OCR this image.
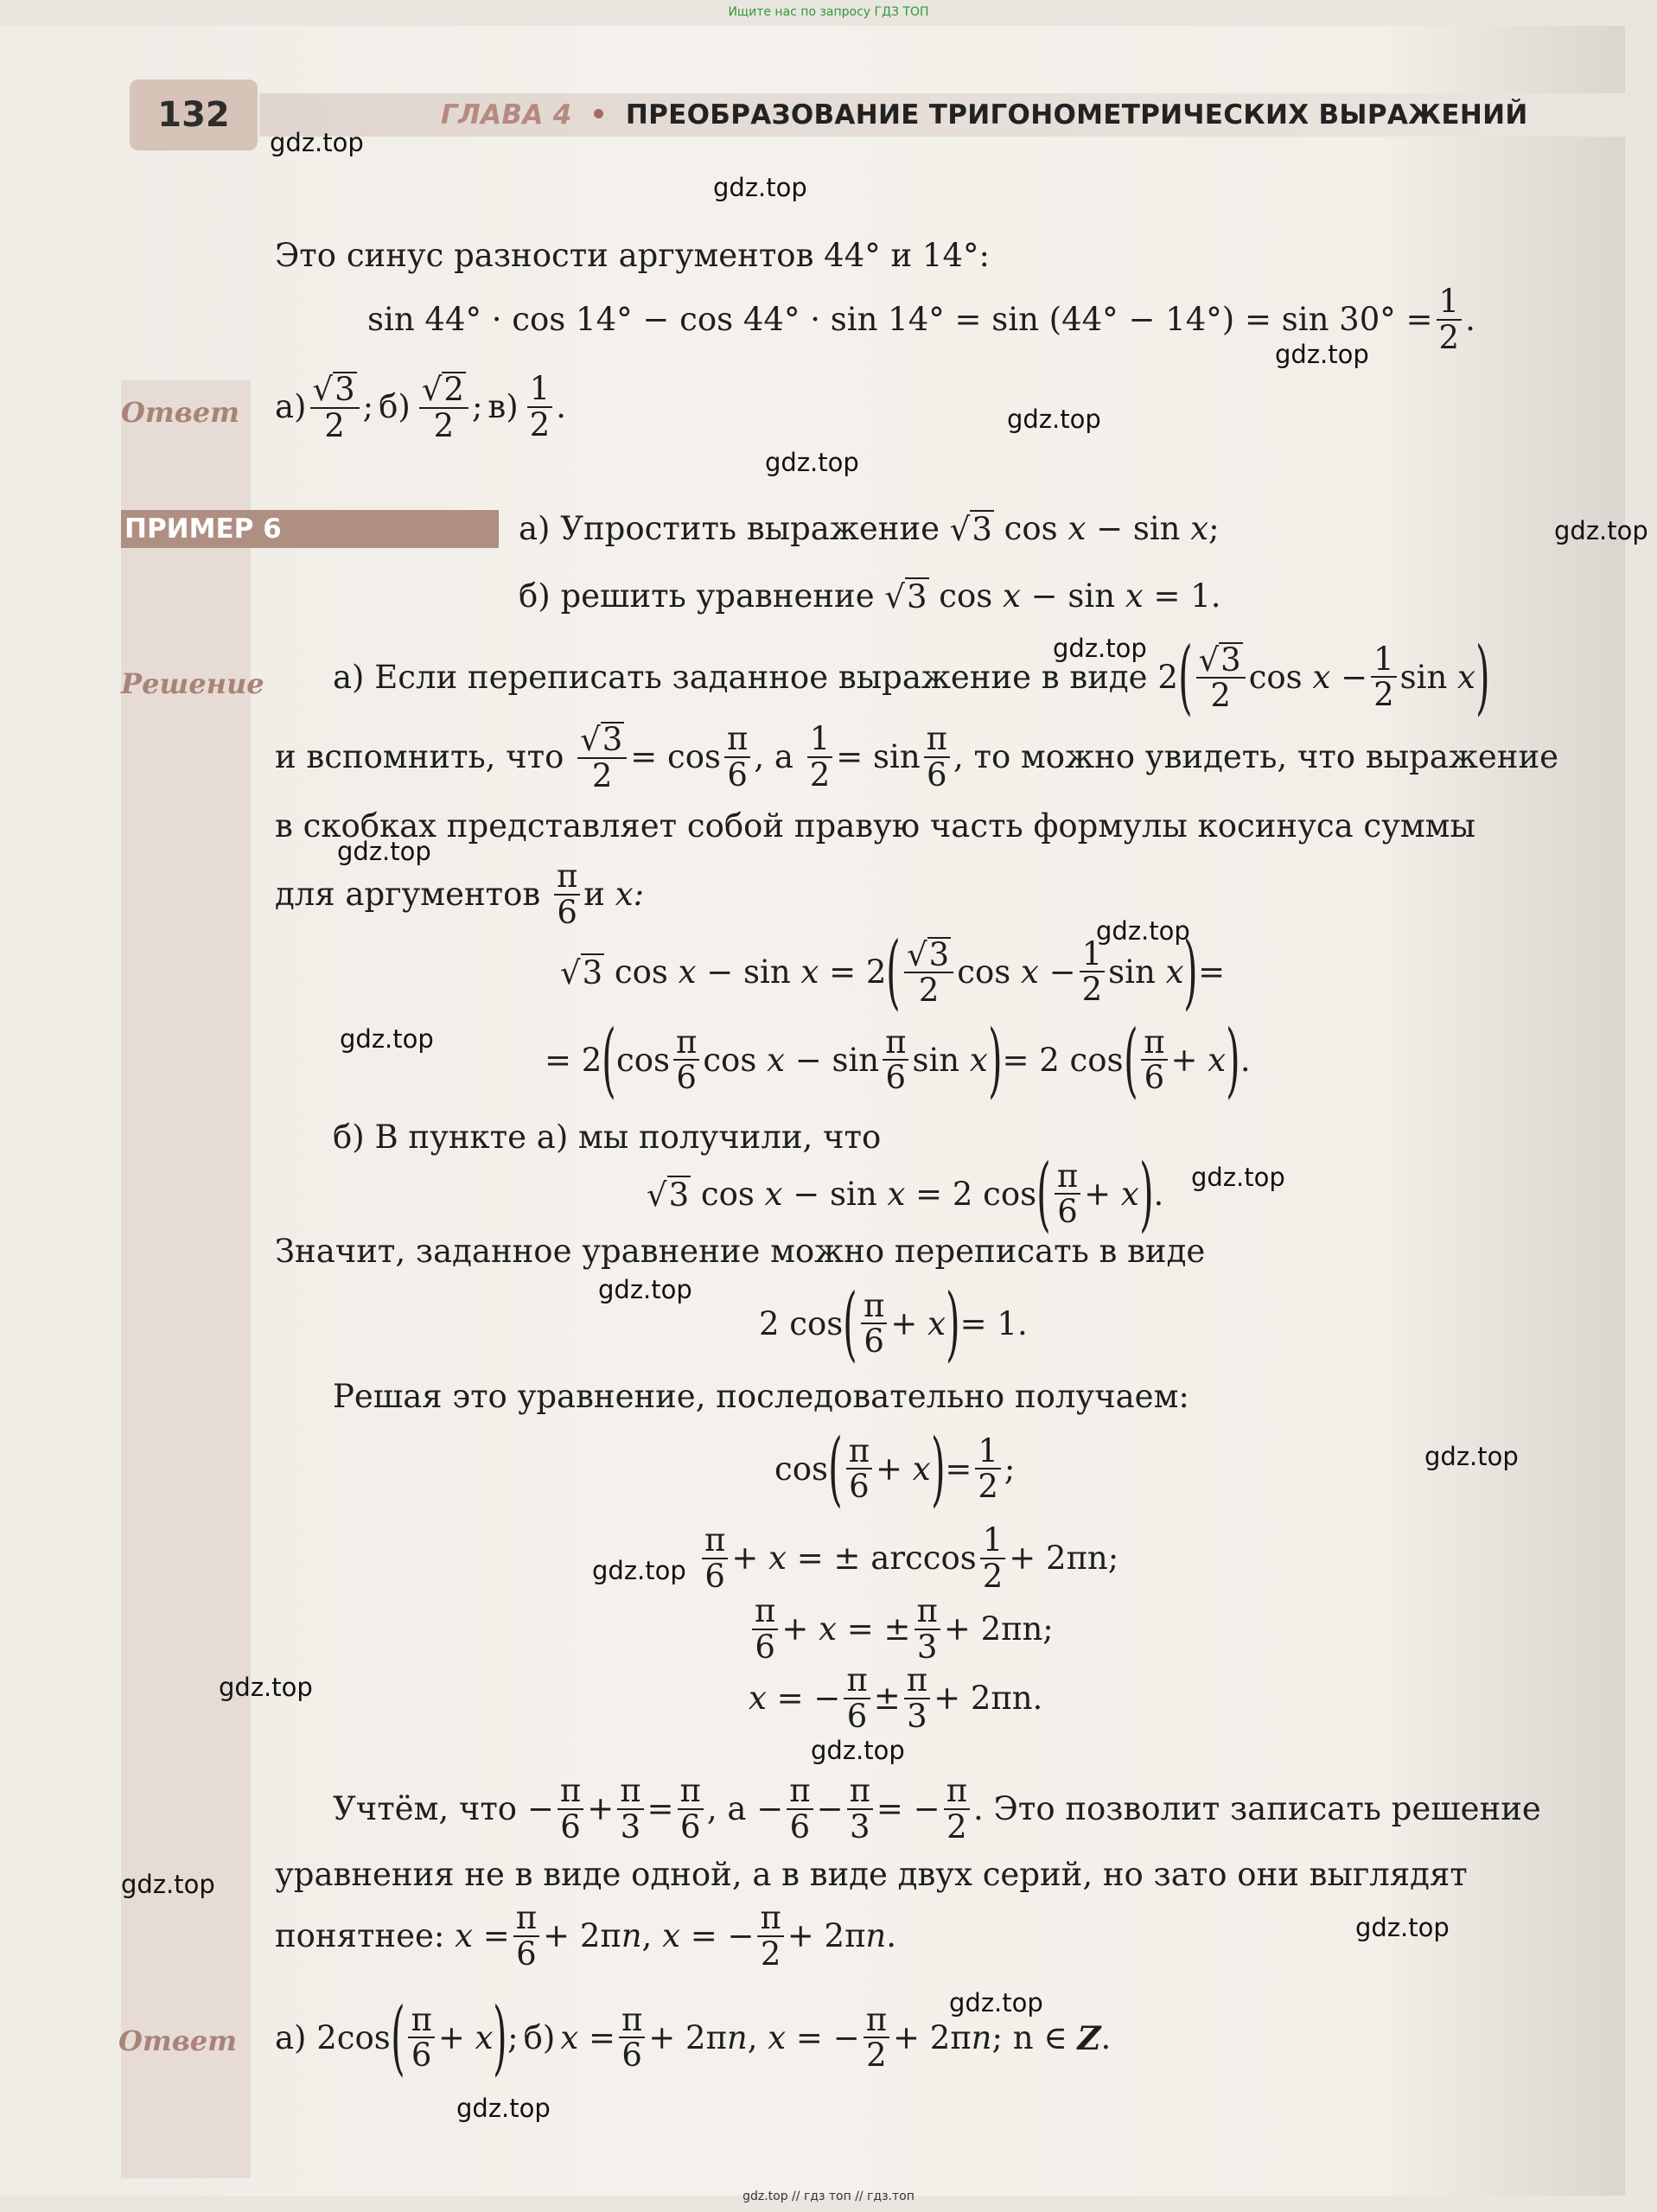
Ищите нас по запросу ГДЗ ТОП
132	ГЛАВА 4 • ПРЕОБРАЗОВАНИЕ ТРИГОНОМЕТРИЧЕСКИХ ВЫРАЖЕНИЙ
Это синус разности аргументов 44° и 14°:
$\sin 44^\circ \cdot \cos 14^\circ - \cos 44^\circ \cdot \sin 14^\circ = \sin (44^\circ - 14^\circ) = \sin 30^\circ = \frac{1}{2}$ .
Ответ $а) \frac{√3}{2}$ ; $б) \frac{√2}{2}$ ; $в) \frac{1}{2}$ .
ПРИМЕР 6	а) Упростить выражение
√3 cos x − sin x;
б) решить уравнение
√3 cos x − sin x = 1.
Решение а) Если переписать заданное выражение в виде 2 ( $\frac{√3}{2}$ $\cos x - \frac{1}{2}$ sin x )
и вспомнить, что
$\frac{√3}{2} = \cos \frac{\pi}{6}$ , а
$\frac{1}{2} = \sin \frac{\pi}{6}$ , то можно увидеть, что выражение
в скобках представляет собой правую часть формулы косинуса суммы
для аргументов
$\frac{\pi}{6}$ и
x:
√3 cos x − sin x = 2 ( $\frac{√3}{2}$ $\cos x - \frac{1}{2}$ sin x ) =
= 2 ( $\cos \frac{\pi}{6}$ $\cos x - \sin \frac{\pi}{6}$ sin x ) = 2 cos ( $\frac{\pi}{6} + x$ ) .
б) В пункте а) мы получили, что
√3 cos x − sin x = 2 cos ( $\frac{\pi}{6} + x$ ) .
Значит, заданное уравнение можно переписать в виде
2 cos ( $\frac{\pi}{6} + x$ ) = 1.
Решая это уравнение, последовательно получаем:
cos ( $\frac{\pi}{6} + x$ ) = $\frac{1}{2}$ ;
$\frac{\pi}{6} + x$ =
± $\arccos \frac{1}{2} + 2\pi n$ ;
$\frac{\pi}{6} + x$ = ± $\frac{\pi}{3} + 2\pi n$ ;
x = − $\frac{\pi}{6} \pm \frac{\pi}{3} + 2\pi n$ .
Учтём, что
− $\frac{\pi}{6} + \frac{\pi}{3} = \frac{\pi}{6}$ , а
− $\frac{\pi}{6} - \frac{\pi}{3}$ = − $\frac{\pi}{2}$ . Это позволит записать решение
уравнения не в виде одной, а в виде двух серий, но зато они выглядят
понятнее:
$x = \frac{\pi}{6} + 2\pi n$, x = − $\frac{\pi}{2} + 2\pi n$.
Ответ а)
2cos ( $\frac{\pi}{6} + x$ ) ; б) $x = \frac{\pi}{6} + 2\pi n$, x = − $\frac{\pi}{2} + 2\pi n$; n ∈
Z .
gdz.top
gdz.top
gdz.top
gdz.top
gdz.top
gdz.top
gdz.top
gdz.top
gdz.top
gdz.top
gdz.top
gdz.top
gdz.top
gdz.top
gdz.top
gdz.top
gdz.top
gdz.top
gdz.top
gdz.top
gdz.top // гдз топ // гдз.топ
